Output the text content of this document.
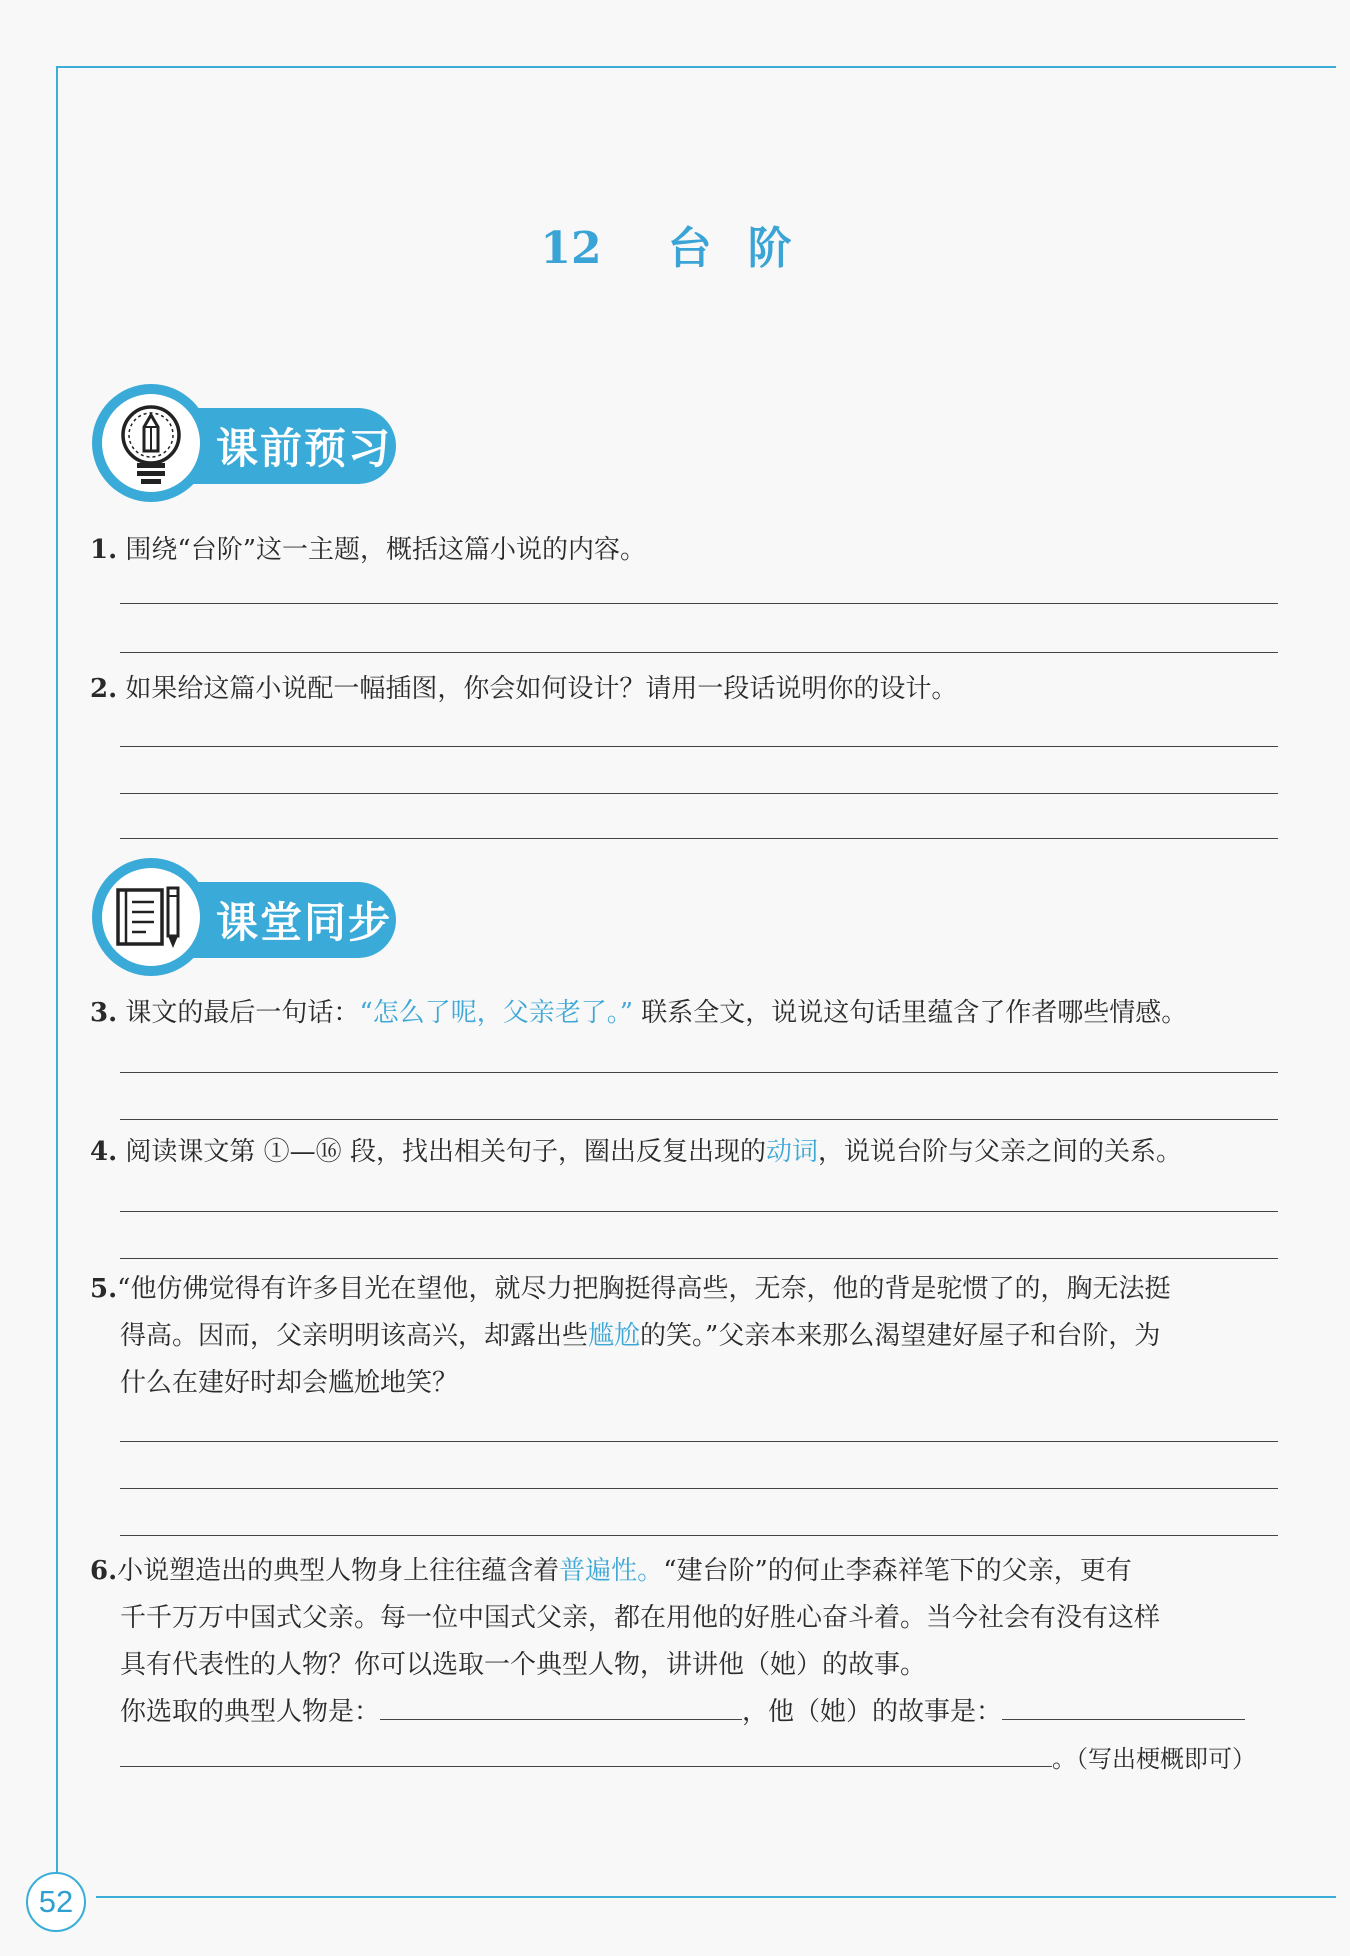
52
12 台 阶
课前预习
1. 围绕“台阶”这一主题，概括这篇小说的内容。
2. 如果给这篇小说配一幅插图，你会如何设计？请用一段话说明你的设计。
课堂同步
3. 课文的最后一句话：“怎么了呢，父亲老了。” 联系全文，说说这句话里蕴含了作者哪些情感。
4. 阅读课文第 ①—⑯ 段，找出相关句子，圈出反复出现的动词，说说台阶与父亲之间的关系。

5.“他仿佛觉得有许多目光在望他，就尽力把胸挺得高些，无奈，他的背是驼惯了的，胸无法挺

得高。因而，父亲明明该高兴，却露出些尴尬的笑。”父亲本来那么渴望建好屋子和台阶，为

什么在建好时却会尴尬地笑？

6.小说塑造出的典型人物身上往往蕴含着普遍性。“建台阶”的何止李森祥笔下的父亲，更有

千千万万中国式父亲。每一位中国式父亲，都在用他的好胜心奋斗着。当今社会有没有这样

具有代表性的人物？你可以选取一个典型人物，讲讲他（她）的故事。

你选取的典型人物是：	，他（她）的故事是：

。（写出梗概即可）
